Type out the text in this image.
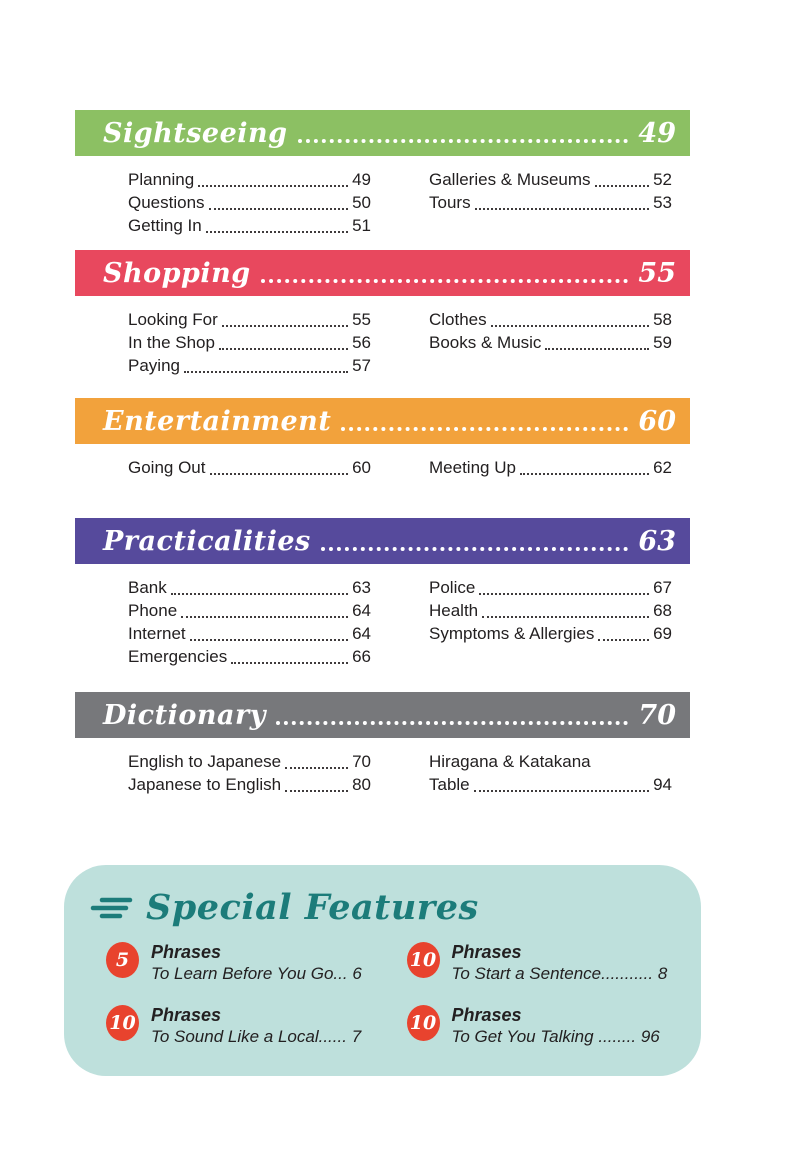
Sightseeing	49
Planning	49
Questions	50
Getting In	51
Galleries & Museums	52
Tours	53
Shopping	55
Looking For	55
In the Shop	56
Paying	57
Clothes	58
Books & Music	59
Entertainment	60
Going Out	60	Meeting Up	62
Practicalities	63
Bank	63
Phone	64
Internet	64
Emergencies	66
Police	67
Health	68
Symptoms & Allergies	69
Dictionary	70
English to Japanese	70
Japanese to English	80
Hiragana & Katakana
Table	94
Special Features
5	Phrases
To Learn Before You Go... 6
10 Phrases
To Sound Like a Local...... 7
10 Phrases
To Start a Sentence........... 8
10 Phrases
To Get You Talking ........ 96
